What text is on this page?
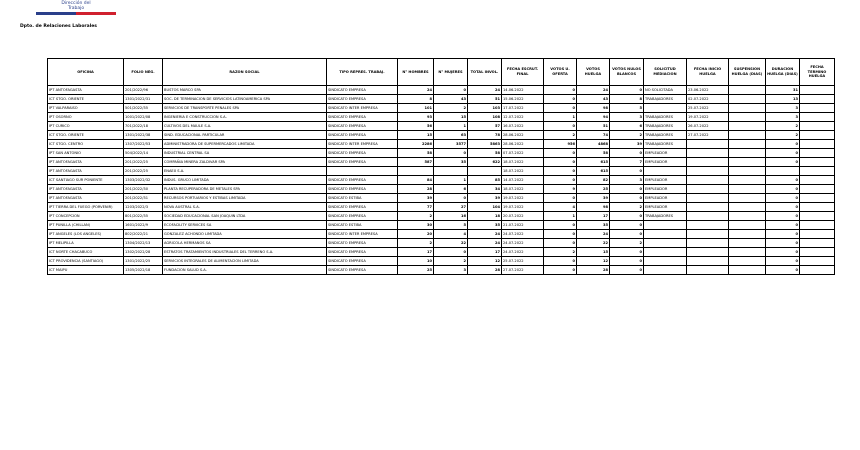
Dirección del
Trabajo
Dpto. de Relaciones Laborales
OFICINA	FOLIO NEG.	RAZON SOCIAL	TIPO REPRES. TRABAJ.	N° HOMBRES	N° MUJERES	TOTAL INVOL.	FECHA ESCRUT. FINAL	VOTOS U. OFERTA	VOTOS HUELGA	VOTOS NULOS BLANCOS	SOLICITUD MEDIACION	FECHA INICIO HUELGA	SUSPENSION HUELGA (DIAS)	DURACION HUELGA (DIAS)	FECHA TERMINO HUELGA
IPT ANTOFAGASTA	201/2022/96	BUSTOS MARCO SPA	SINDICATO EMPRESA	24	0	24	14.06.2022	0	24	0	NO SOLICITADA	23.06.2022		31	
ICT STGO. ORIENTE	1301/2022/31	SOC. DE TERMINACION DE SERVICIOS LATINOAMERICA SPA	SINDICATO EMPRESA	8	43	51	15.06.2022	0	43	8	TRABAJADORES	02.07.2022		13	
IPT VALPARAISO	501/2022/35	SERVICIOS DE TRANSPORTE PENALES SPA	SINDICATO INTER EMPRESA	101	2	103	17.07.2022	0	98	5		25.07.2022		3	
IPT OSORNO	1001/2022/08	INGENIERIA E CONSTRUCCION S.A.	SINDICATO EMPRESA	93	15	108	12.07.2022	1	94	3	TRABAJADORES	19.07.2022		3	
IPT CURICO	701/2022/18	CULTIVOS DEL MAULE S.A.	SINDICATO EMPRESA	56	1	57	16.07.2022	0	51	6	TRABAJADORES	26.07.2022		2	
ICT STGO. ORIENTE	1301/2022/38	SIND. EDUCACIONAL PARTICULAR	SINDICATO EMPRESA	15	63	78	28.06.2022	2	74	2	TRABAJADORES	27.07.2022		2	
ICT STGO. CENTRO	1307/2022/53	ADMINISTRADORA DE SUPERMERCADOS LIMITADA	SINDICATO INTER EMPRESA	2286	3577	5863	28.06.2022	956	4868	39	TRABAJADORES			0	
IPT SAN ANTONIO	504/2022/14	INDUSTRIAL CENTRAL SA	SINDICATO EMPRESA	58	0	58	07.07.2022	0	58	0	EMPLEADOR			0	
IPT ANTOFAGASTA	201/2022/25	COMPAÑIA MINERA ZALDIVAR SPA	SINDICATO EMPRESA	587	35	622	18.07.2022	0	615	7	EMPLEADOR			0	
IPT ANTOFAGASTA	201/2022/25	ENAEX S.A.					18.07.2022	0	615	0					
ICT SANTIAGO SUR PONIENTE	1303/2022/32	INDUS. GRUCO LIMITADA	SINDICATO EMPRESA	84	1	85	14.07.2022	0	82	3	EMPLEADOR			0	
IPT ANTOFAGASTA	201/2022/30	PLANTA RECUPERADORA DE METALES SPA	SINDICATO EMPRESA	28	6	34	18.07.2022	9	25	0	EMPLEADOR			0	
IPT ANTOFAGASTA	201/2022/31	RECURSOS PORTUARIOS Y ESTIBAS LIMITADA	SINDICATO ESTIBA	39	0	39	19.07.2022	0	39	0	EMPLEADOR			0	
IPT TIERRA DEL FUEGO (PORVENIR)	1203/2022/3	NOVA AUSTRAL S.A.	SINDICATO EMPRESA	77	27	104	19.07.2022	4	98	2	EMPLEADOR			0	
IPT CONCEPCION	801/2022/35	SOCIEDAD EDUCACIONAL SAN JOAQUIN LTDA	SINDICATO EMPRESA	2	16	18	20.07.2022	1	17	0	TRABAJADORES			0	
IPT PUNILLA (CHILLAN)	1601/2022/9	ECOFACILITY SERVICES SA	SINDICATO ESTIBA	30	5	35	21.07.2022	0	35	0				0	
IPT ANGELES (LOS ANGELES)	802/2022/21	GONZALEZ ACHONDO LIMITADA	SINDICATO INTER EMPRESA	20	4	24	24.07.2022	0	24	0				0	
IPT MELIPILLA	1304/2022/13	AGRICOLA HERMANOS SA	SINDICATO EMPRESA	2	22	24	24.07.2022	0	22	2				0	
ICT NORTE CHACABUCO	1302/2022/28	ESTRATOS TRATAMIENTOS INDUSTRIALES DEL TERRENO S.A.	SINDICATO EMPRESA	17	0	17	24.07.2022	2	15	0				0	
ICT PROVIDENCIA (SANTIAGO)	1301/2022/25	SERVICIOS INTEGRALES DE ALIMENTACION LIMITADA	SINDICATO EMPRESA	10	2	12	25.07.2022	0	12	0				0	
ICT MAIPU	1305/2022/18	FUNDACION SALUD S.A.	SINDICATO EMPRESA	25	3	28	27.07.2022	0	28	0				0	
